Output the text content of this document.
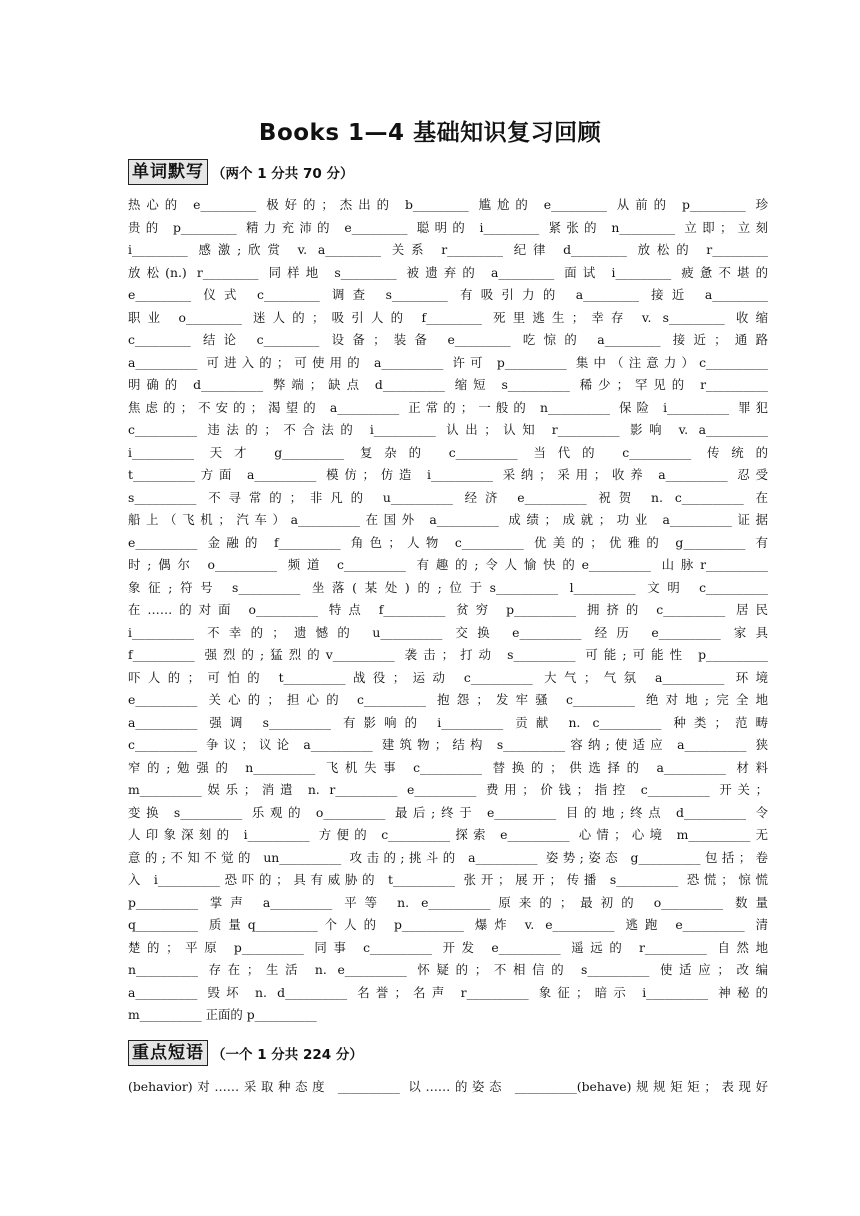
Books 1—4 基础知识复习回顾
单词默写 （两个 1 分共 70 分）
热心的 e_________ 极好的；杰出的 b_________ 尴尬的 e_________ 从前的 p_________ 珍
贵的 p_________ 精力充沛的 e_________ 聪明的 i_________ 紧张的 n_________ 立即；立刻
i_________ 感激;欣赏 v. a_________ 关系 r_________ 纪律 d_________ 放松的 r_________
放松(n.) r_________ 同样地 s_________ 被遗弃的 a_________ 面试 i_________ 疲惫不堪的
e_________ 仪式 c_________ 调查 s_________ 有吸引力的 a_________ 接近 a_________
职业 o_________ 迷人的；吸引人的 f_________ 死里逃生；幸存 v. s_________ 收缩
c_________ 结论 c_________ 设备；装备 e_________ 吃惊的 a_________ 接近；通路
a__________ 可进入的；可使用的 a__________ 许可 p__________ 集中（注意力）c__________
明确的 d__________ 弊端；缺点 d__________ 缩短 s__________ 稀少；罕见的 r__________
焦虑的；不安的；渴望的 a__________ 正常的；一般的 n__________ 保险 i__________ 罪犯
c__________ 违法的；不合法的 i__________ 认出；认知 r__________ 影响 v. a__________
i__________ 天才 g__________ 复杂的 c__________ 当代的 c__________ 传统的
t__________方面 a__________ 模仿；仿造 i__________ 采纳；采用；收养 a__________ 忍受
s__________ 不寻常的；非凡的 u__________ 经济 e__________ 祝贺 n. c__________ 在
船上（飞机；汽车）a__________在国外 a__________ 成绩；成就；功业 a__________证据
e__________ 金融的 f__________ 角色；人物 c__________ 优美的；优雅的 g__________ 有
时;偶尔 o__________ 频道 c__________ 有趣的;令人愉快的e__________ 山脉r__________
象征;符号 s__________ 坐落(某处)的;位于s__________ l__________ 文明 c__________
在……的对面 o__________ 特点 f__________ 贫穷 p__________ 拥挤的 c__________ 居民
i__________ 不幸的；遗憾的 u__________ 交换 e__________ 经历 e__________ 家具
f__________ 强烈的;猛烈的v__________ 袭击；打动 s__________ 可能;可能性 p__________
吓人的；可怕的 t__________战役；运动 c__________ 大气；气氛 a__________ 环境
e__________ 关心的；担心的 c__________ 抱怨；发牢骚 c__________ 绝对地;完全地
a__________ 强调 s__________ 有影响的 i__________ 贡献 n. c__________ 种类；范畴
c__________ 争议；议论 a__________ 建筑物；结构 s__________容纳;使适应 a__________ 狭
窄的;勉强的 n__________ 飞机失事 c__________ 替换的；供选择的 a__________ 材料
m__________娱乐；消遣 n. r__________ e__________ 费用；价钱；指控 c__________ 开关；
变换 s__________ 乐观的 o__________ 最后;终于 e__________ 目的地;终点 d__________ 令
人印象深刻的 i__________ 方便的 c__________探索 e__________ 心情；心境 m__________无
意的;不知不觉的 un__________ 攻击的;挑斗的 a__________ 姿势;姿态 g__________包括；卷
入 i__________恐吓的；具有威胁的 t__________ 张开；展开；传播 s__________ 恐慌；惊慌
p__________ 掌声 a__________ 平等 n. e__________原来的；最初的 o__________ 数量
q__________ 质量q__________个人的 p__________ 爆炸 v. e__________ 逃跑 e__________ 清
楚的；平原 p__________ 同事 c__________ 开发 e__________ 遥远的 r__________ 自然地
n__________ 存在；生活 n. e__________ 怀疑的；不相信的 s__________ 使适应；改编
a__________ 毁坏 n. d__________ 名誉；名声 r__________ 象征；暗示 i__________ 神秘的
m__________ 正面的 p__________
重点短语 （一个 1 分共 224 分）
(behavior)对……采取种态度 __________ 以……的姿态 __________(behave)规规矩矩；表现好
